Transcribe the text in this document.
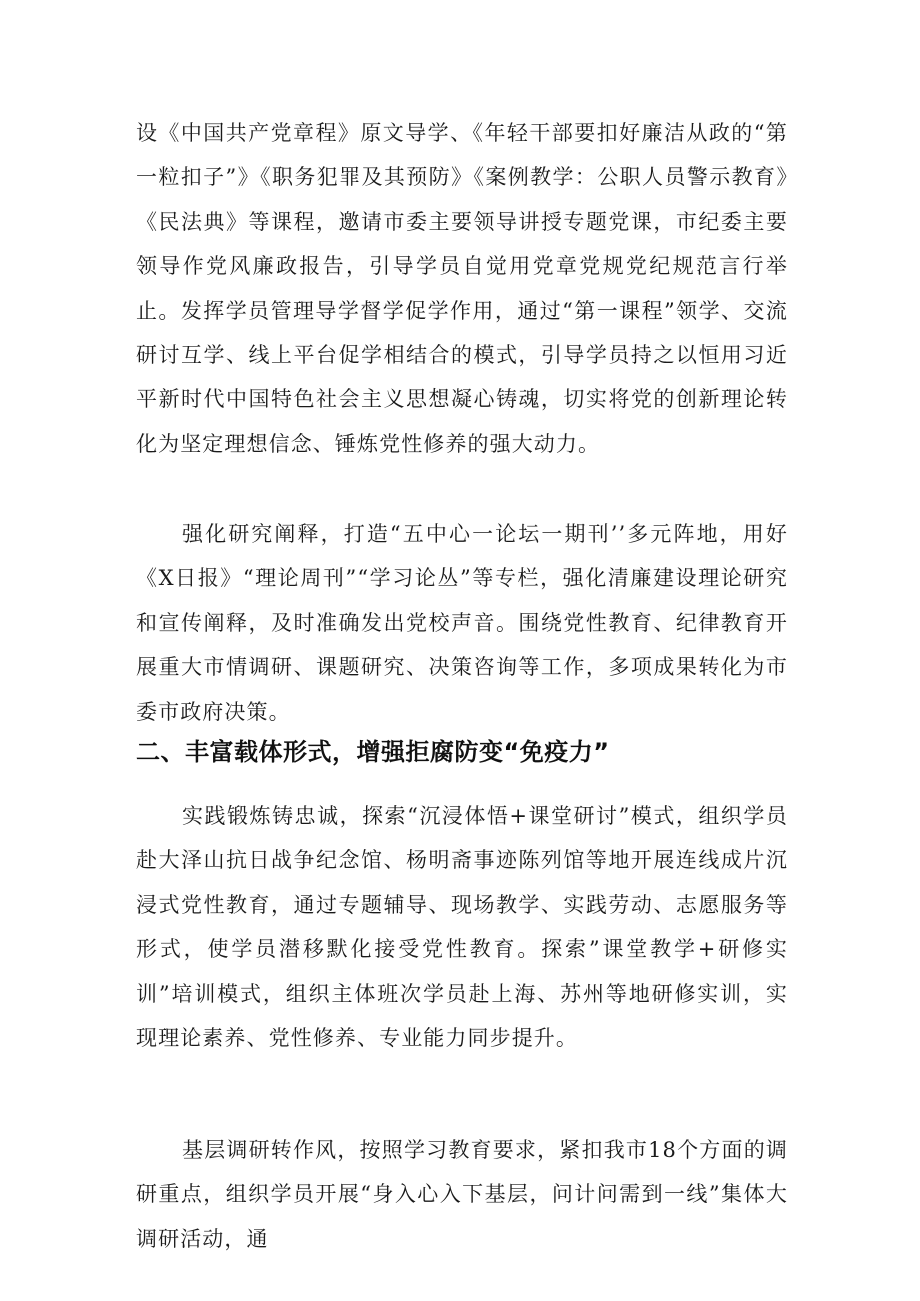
设《中国共产党章程》原文导学、《年轻干部要扣好廉洁从政的“第一粒扣子”》《职务犯罪及其预防》《案例教学：公职人员警示教育》《民法典》等课程，邀请市委主要领导讲授专题党课，市纪委主要领导作党风廉政报告，引导学员自觉用党章党规党纪规范言行举止。发挥学员管理导学督学促学作用，通过“第一课程”领学、交流研讨互学、线上平台促学相结合的模式，引导学员持之以恒用习近平新时代中国特色社会主义思想凝心铸魂，切实将党的创新理论转化为坚定理想信念、锤炼党性修养的强大动力。

强化研究阐释，打造“五中心一论坛一期刊’’多元阵地，用好《X日报》“理论周刊”“学习论丛”等专栏，强化清廉建设理论研究和宣传阐释，及时准确发出党校声音。围绕党性教育、纪律教育开展重大市情调研、课题研究、决策咨询等工作，多项成果转化为市委市政府决策。

二、丰富载体形式，增强拒腐防变“免疫力”

实践锻炼铸忠诚，探索“沉浸体悟+课堂研讨”模式，组织学员赴大泽山抗日战争纪念馆、杨明斋事迹陈列馆等地开展连线成片沉浸式党性教育，通过专题辅导、现场教学、实践劳动、志愿服务等形式，使学员潜移默化接受党性教育。探索”课堂教学+研修实训”培训模式，组织主体班次学员赴上海、苏州等地研修实训，实现理论素养、党性修养、专业能力同步提升。

基层调研转作风，按照学习教育要求，紧扣我市18个方面的调研重点，组织学员开展“身入心入下基层，问计问需到一线”集体大调研活动，通
